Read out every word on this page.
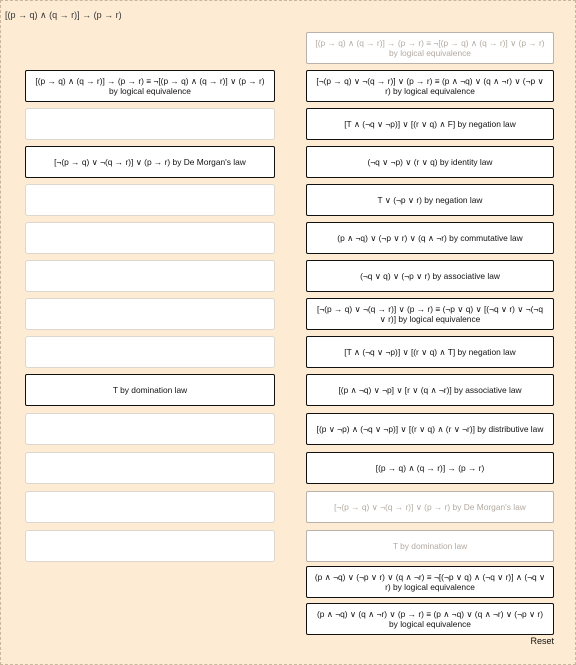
[(p → q) ∧ (q → r)] → (p → r)
[(p → q) ∧ (q → r)] → (p → r) ≡ ¬[(p → q) ∧ (q → r)] ∨ (p → r) by logical equivalence
[¬(p → q) ∨ ¬(q → r)] ∨ (p → r) by De Morgan's law
T by domination law
[(p → q) ∧ (q → r)] → (p → r) ≡ ¬[(p → q) ∧ (q → r)] ∨ (p → r) by logical equivalence
[¬(p → q) ∨ ¬(q → r)] ∨ (p → r) ≡ (p ∧ ¬q) ∨ (q ∧ ¬r) ∨ (¬p ∨ r) by logical equivalence
[T ∧ (¬q ∨ ¬p)] ∨ [(r ∨ q) ∧ F] by negation law
(¬q ∨ ¬p) ∨ (r ∨ q) by identity law
T ∨ (¬p ∨ r) by negation law
(p ∧ ¬q) ∨ (¬p ∨ r) ∨ (q ∧ ¬r) by commutative law
(¬q ∨ q) ∨ (¬p ∨ r) by associative law
[¬(p → q) ∨ ¬(q → r)] ∨ (p → r) ≡ (¬p ∨ q) ∨ [(¬q ∨ r) ∨ ¬(¬q ∨ r)] by logical equivalence
[T ∧ (¬q ∨ ¬p)] ∨ [(r ∨ q) ∧ T] by negation law
[(p ∧ ¬q) ∨ ¬p] ∨ [r ∨ (q ∧ ¬r)] by associative law
[(p ∨ ¬p) ∧ (¬q ∨ ¬p)] ∨ [(r ∨ q) ∧ (r ∨ ¬r)] by distributive law
[(p → q) ∧ (q → r)] → (p → r)
[¬(p → q) ∨ ¬(q → r)] ∨ (p → r) by De Morgan's law
T by domination law
(p ∧ ¬q) ∨ (¬p ∨ r) ∨ (q ∧ ¬r) ≡ ¬[(¬p ∨ q) ∧ (¬q ∨ r)] ∧ (¬q ∨ r) by logical equivalence
(p ∧ ¬q) ∨ (q ∧ ¬r) ∨ (p → r) ≡ (p ∧ ¬q) ∨ (q ∧ ¬r) ∨ (¬p ∨ r) by logical equivalence
Reset
